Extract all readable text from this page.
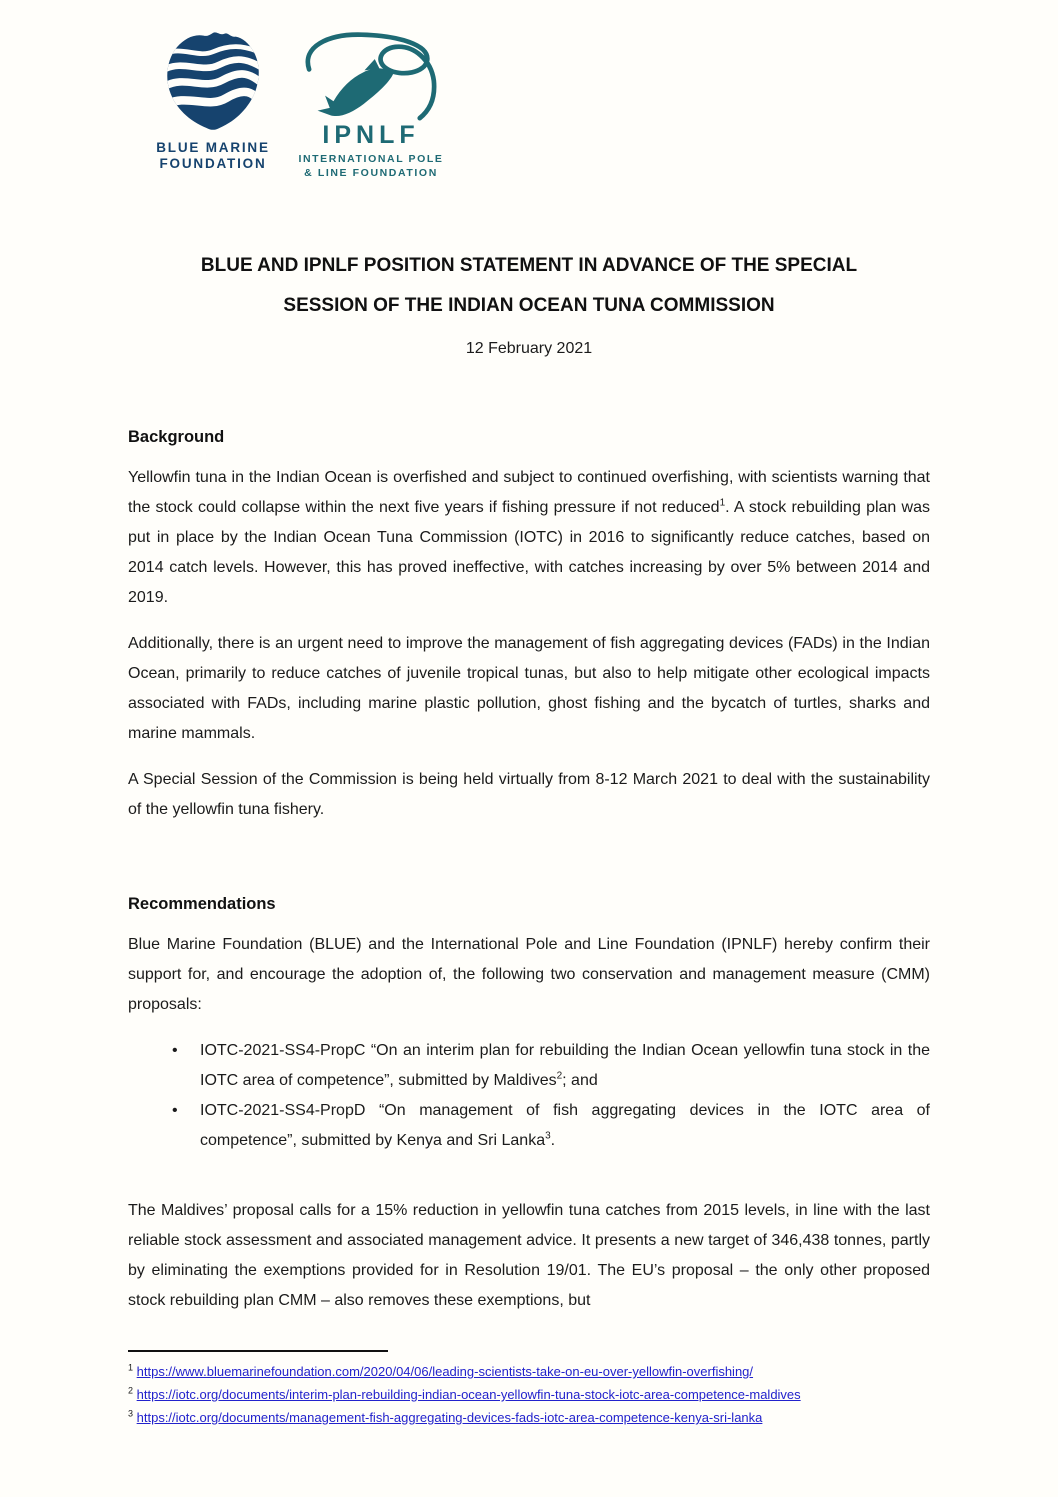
BLUE MARINE
FOUNDATION
IPNLF
INTERNATIONAL POLE
& LINE FOUNDATION
BLUE AND IPNLF POSITION STATEMENT IN ADVANCE OF THE SPECIAL
SESSION OF THE INDIAN OCEAN TUNA COMMISSION
12 February 2021
Background

Yellowfin tuna in the Indian Ocean is overfished and subject to continued overfishing, with scientists warning that the stock could collapse within the next five years if fishing pressure if not reduced$^1$. A stock rebuilding plan was put in place by the Indian Ocean Tuna Commission (IOTC) in 2016 to significantly reduce catches, based on 2014 catch levels. However, this has proved ineffective, with catches increasing by over 5% between 2014 and 2019.

Additionally, there is an urgent need to improve the management of fish aggregating devices (FADs) in the Indian Ocean, primarily to reduce catches of juvenile tropical tunas, but also to help mitigate other ecological impacts associated with FADs, including marine plastic pollution, ghost fishing and the bycatch of turtles, sharks and marine mammals.

A Special Session of the Commission is being held virtually from 8-12 March 2021 to deal with the sustainability of the yellowfin tuna fishery.

Recommendations

Blue Marine Foundation (BLUE) and the International Pole and Line Foundation (IPNLF) hereby confirm their support for, and encourage the adoption of, the following two conservation and management measure (CMM) proposals:

•	IOTC-2021-SS4-PropC “On an interim plan for rebuilding the Indian Ocean yellowfin tuna stock in the IOTC area of competence”, submitted by Maldives$^2$; and
•	IOTC-2021-SS4-PropD “On management of fish aggregating devices in the IOTC area of competence”, submitted by Kenya and Sri Lanka$^3$.

The Maldives’ proposal calls for a 15% reduction in yellowfin tuna catches from 2015 levels, in line with the last reliable stock assessment and associated management advice. It presents a new target of 346,438 tonnes, partly by eliminating the exemptions provided for in Resolution 19/01. The EU’s proposal – the only other proposed stock rebuilding plan CMM – also removes these exemptions, but

$^1$ https://www.bluemarinefoundation.com/2020/04/06/leading-scientists-take-on-eu-over-yellowfin-overfishing/
$^2$ https://iotc.org/documents/interim-plan-rebuilding-indian-ocean-yellowfin-tuna-stock-iotc-area-competence-maldives
$^3$ https://iotc.org/documents/management-fish-aggregating-devices-fads-iotc-area-competence-kenya-sri-lanka
